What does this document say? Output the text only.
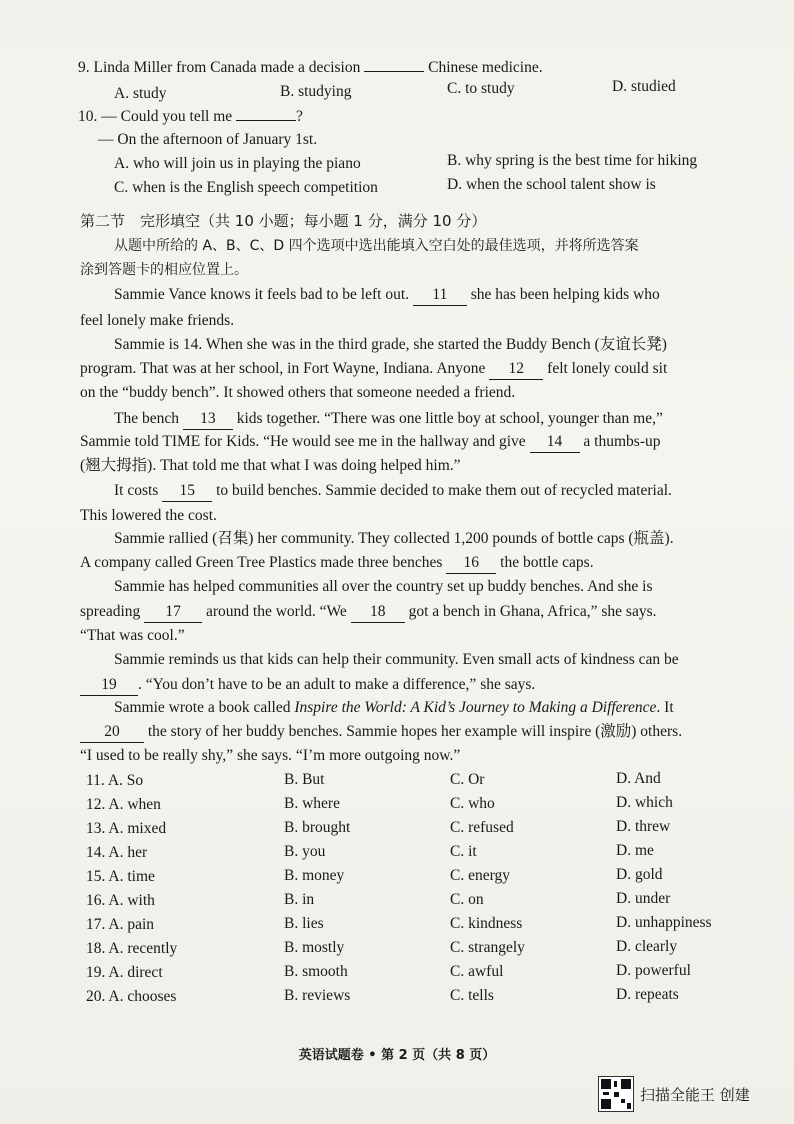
9. Linda Miller from Canada made a decision	Chinese medicine.
A. study	B. studying	C. to study	D. studied
10. — Could you tell me	?
— On the afternoon of January 1st.
A. who will join us in playing the piano	B. why spring is the best time for hiking
C. when is the English speech competition	D. when the school talent show is
第二节　完形填空（共 10 小题；每小题 1 分，满分 10 分）
从题中所给的 A、B、C、D 四个选项中选出能填入空白处的最佳选项，并将所选答案
涂到答题卡的相应位置上。
Sammie Vance knows it feels bad to be left out. 11 she has been helping kids who
feel lonely make friends.
Sammie is 14. When she was in the third grade, she started the Buddy Bench (友谊长凳)
program. That was at her school, in Fort Wayne, Indiana. Anyone 12 felt lonely could sit
on the “buddy bench”. It showed others that someone needed a friend.
The bench 13 kids together. “There was one little boy at school, younger than me,”
Sammie told TIME for Kids. “He would see me in the hallway and give 14 a thumbs-up
(翘大拇指). That told me that what I was doing helped him.”
It costs 15 to build benches. Sammie decided to make them out of recycled material.
This lowered the cost.
Sammie rallied (召集) her community. They collected 1,200 pounds of bottle caps (瓶盖).
A company called Green Tree Plastics made three benches 16 the bottle caps.
Sammie has helped communities all over the country set up buddy benches. And she is
spreading 17 around the world. “We 18 got a bench in Ghana, Africa,” she says.
“That was cool.”
Sammie reminds us that kids can help their community. Even small acts of kindness can be
19 . “You don’t have to be an adult to make a difference,” she says.
Sammie wrote a book called Inspire the World: A Kid’s Journey to Making a Difference. It
20 the story of her buddy benches. Sammie hopes her example will inspire (激励) others.
“I used to be really shy,” she says. “I’m more outgoing now.”
11. A. So	B. But	C. Or	D. And
12. A. when	B. where	C. who	D. which
13. A. mixed	B. brought	C. refused	D. threw
14. A. her	B. you	C. it	D. me
15. A. time	B. money	C. energy	D. gold
16. A. with	B. in	C. on	D. under
17. A. pain	B. lies	C. kindness	D. unhappiness
18. A. recently	B. mostly	C. strangely	D. clearly
19. A. direct	B. smooth	C. awful	D. powerful
20. A. chooses	B. reviews	C. tells	D. repeats
英语试题卷 • 第 2 页（共 8 页）
扫描全能王 创建
